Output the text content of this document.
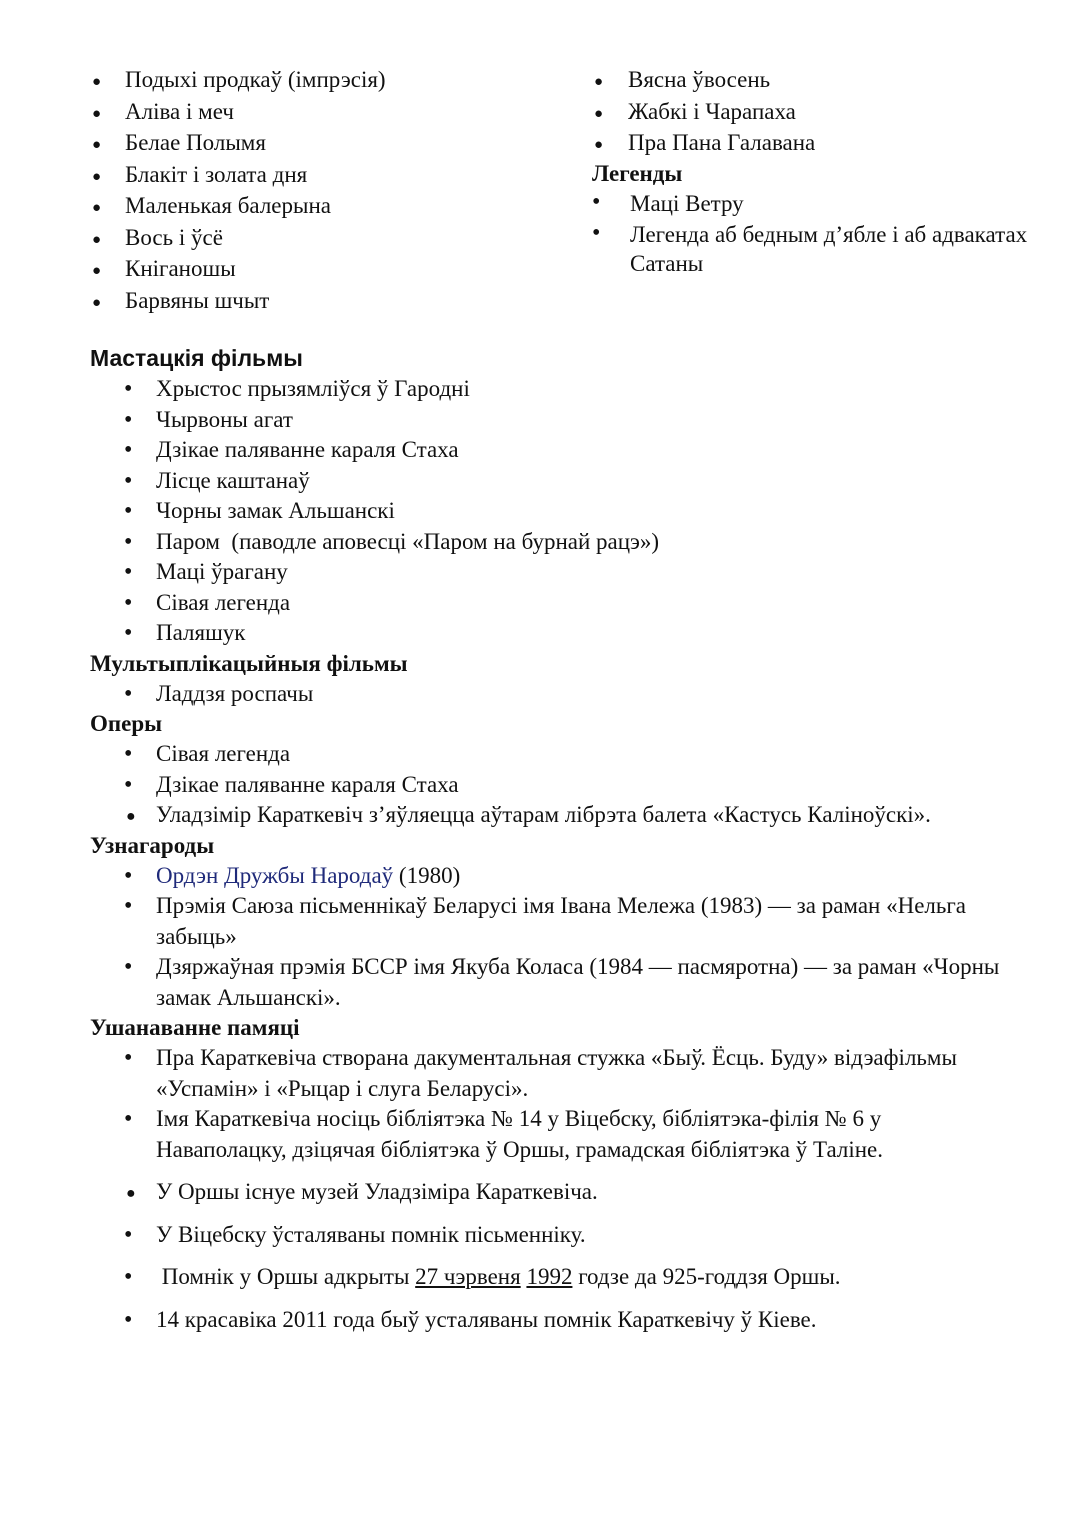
● Подыхі продкаў (імпрэсія)
● Аліва і меч
● Белае Полымя
● Блакіт і золата дня
● Маленькая балерына
● Вось і ўсё
● Кніганошы
● Барвяны шчыт
● Вясна ўвосень
● Жабкі і Чарапаха
● Пра Пана Галавана
Легенды
• Маці Ветру
• Легенда аб бедным д’ябле і аб адвакатах Сатаны
Мастацкія фільмы
• Хрыстос прызямліўся ў Гародні
• Чырвоны агат
• Дзікае паляванне караля Стаха
• Лісце каштанаў
• Чорны замак Альшанскі
• Паром  (паводле аповесці «Паром на бурнай рацэ»)
• Маці ўрагану
• Сівая легенда
• Паляшук
Мультыплікацыйныя фільмы
• Ладдзя роспачы
Оперы
• Сівая легенда
• Дзікае паляванне караля Стаха
● Уладзімір Караткевіч з’яўляецца аўтарам лібрэта балета «Кастусь Каліноўскі».
Узнагароды
• Ордэн Дружбы Народаў (1980)
• Прэмія Саюза пісьменнікаў Беларусі імя Івана Мележа (1983) — за раман «Нельга забыць»
• Дзяржаўная прэмія БССР імя Якуба Коласа (1984 — пасмяротна) — за раман «Чорны замак Альшанскі».
Ушанаванне памяці
• Пра Караткевіча створана дакументальная стужка «Быў. Ёсць. Буду» відэафільмы «Успамін» і «Рыцар і слуга Беларусі».
• Імя Караткевіча носіць бібліятэка № 14 у Віцебску, бібліятэка-філія № 6 у Наваполацку, дзіцячая бібліятэка ў Оршы, грамадская бібліятэка ў Таліне.
● У Оршы існуе музей Уладзіміра Караткевіча.
• У Віцебску ўсталяваны помнік пісьменніку.
• Помнік у Оршы адкрыты 27 чэрвеня 1992 годзе да 925-годдзя Оршы.
• 14 красавіка 2011 года быў усталяваны помнік Караткевічу ў Кіеве.
